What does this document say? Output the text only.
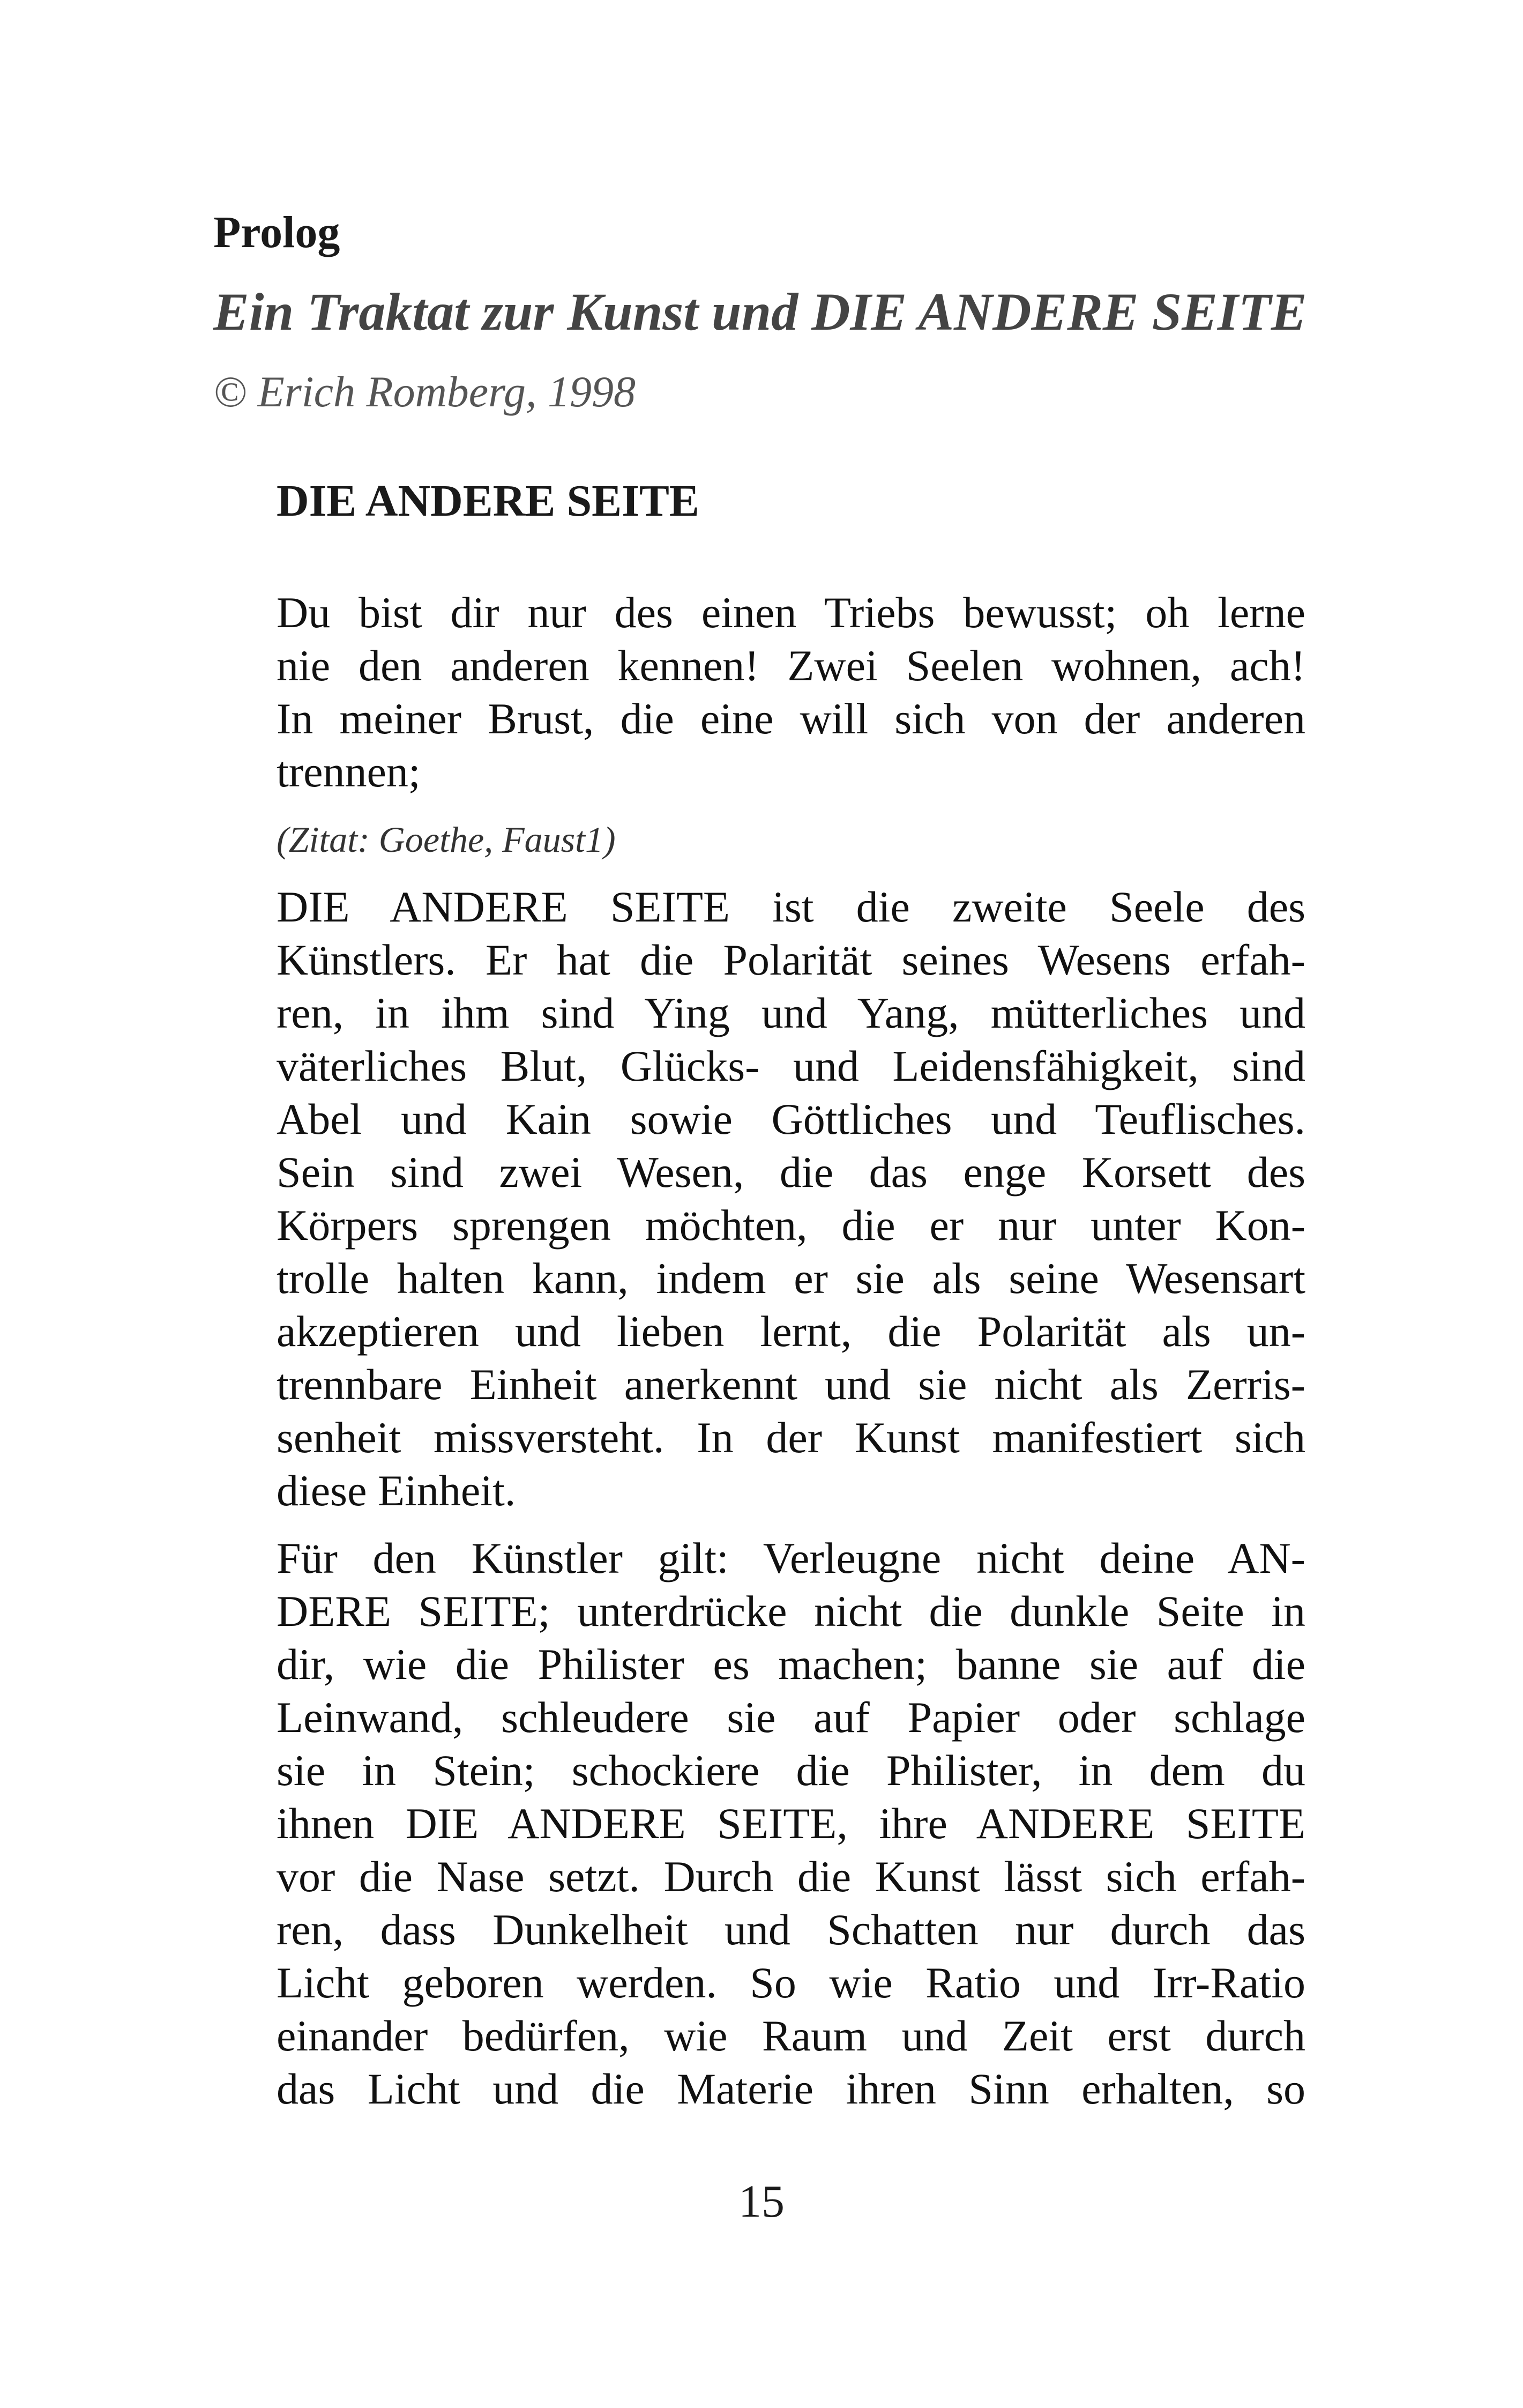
Prolog
Ein Traktat zur Kunst und DIE ANDERE SEITE

© Erich Romberg, 1998

DIE ANDERE SEITE
Du bist dir nur des einen Triebs bewusst; oh lerne
nie den anderen kennen! Zwei Seelen wohnen, ach!
In meiner Brust, die eine will sich von der anderen
trennen;

(Zitat: Goethe, Faust1)

DIE ANDERE SEITE ist die zweite Seele des
Künstlers. Er hat die Polarität seines Wesens erfah-
ren, in ihm sind Ying und Yang, mütterliches und
väterliches Blut, Glücks- und Leidensfähigkeit, sind
Abel und Kain sowie Göttliches und Teuflisches.
Sein sind zwei Wesen, die das enge Korsett des
Körpers sprengen möchten, die er nur unter Kon-
trolle halten kann, indem er sie als seine Wesensart
akzeptieren und lieben lernt, die Polarität als un-
trennbare Einheit anerkennt und sie nicht als Zerris-
senheit missversteht. In der Kunst manifestiert sich
diese Einheit.
Für den Künstler gilt: Verleugne nicht deine AN-
DERE SEITE; unterdrücke nicht die dunkle Seite in
dir, wie die Philister es machen; banne sie auf die
Leinwand, schleudere sie auf Papier oder schlage
sie in Stein; schockiere die Philister, in dem du
ihnen DIE ANDERE SEITE, ihre ANDERE SEITE
vor die Nase setzt. Durch die Kunst lässt sich erfah-
ren, dass Dunkelheit und Schatten nur durch das
Licht geboren werden. So wie Ratio und Irr-Ratio
einander bedürfen, wie Raum und Zeit erst durch
das Licht und die Materie ihren Sinn erhalten, so

15
